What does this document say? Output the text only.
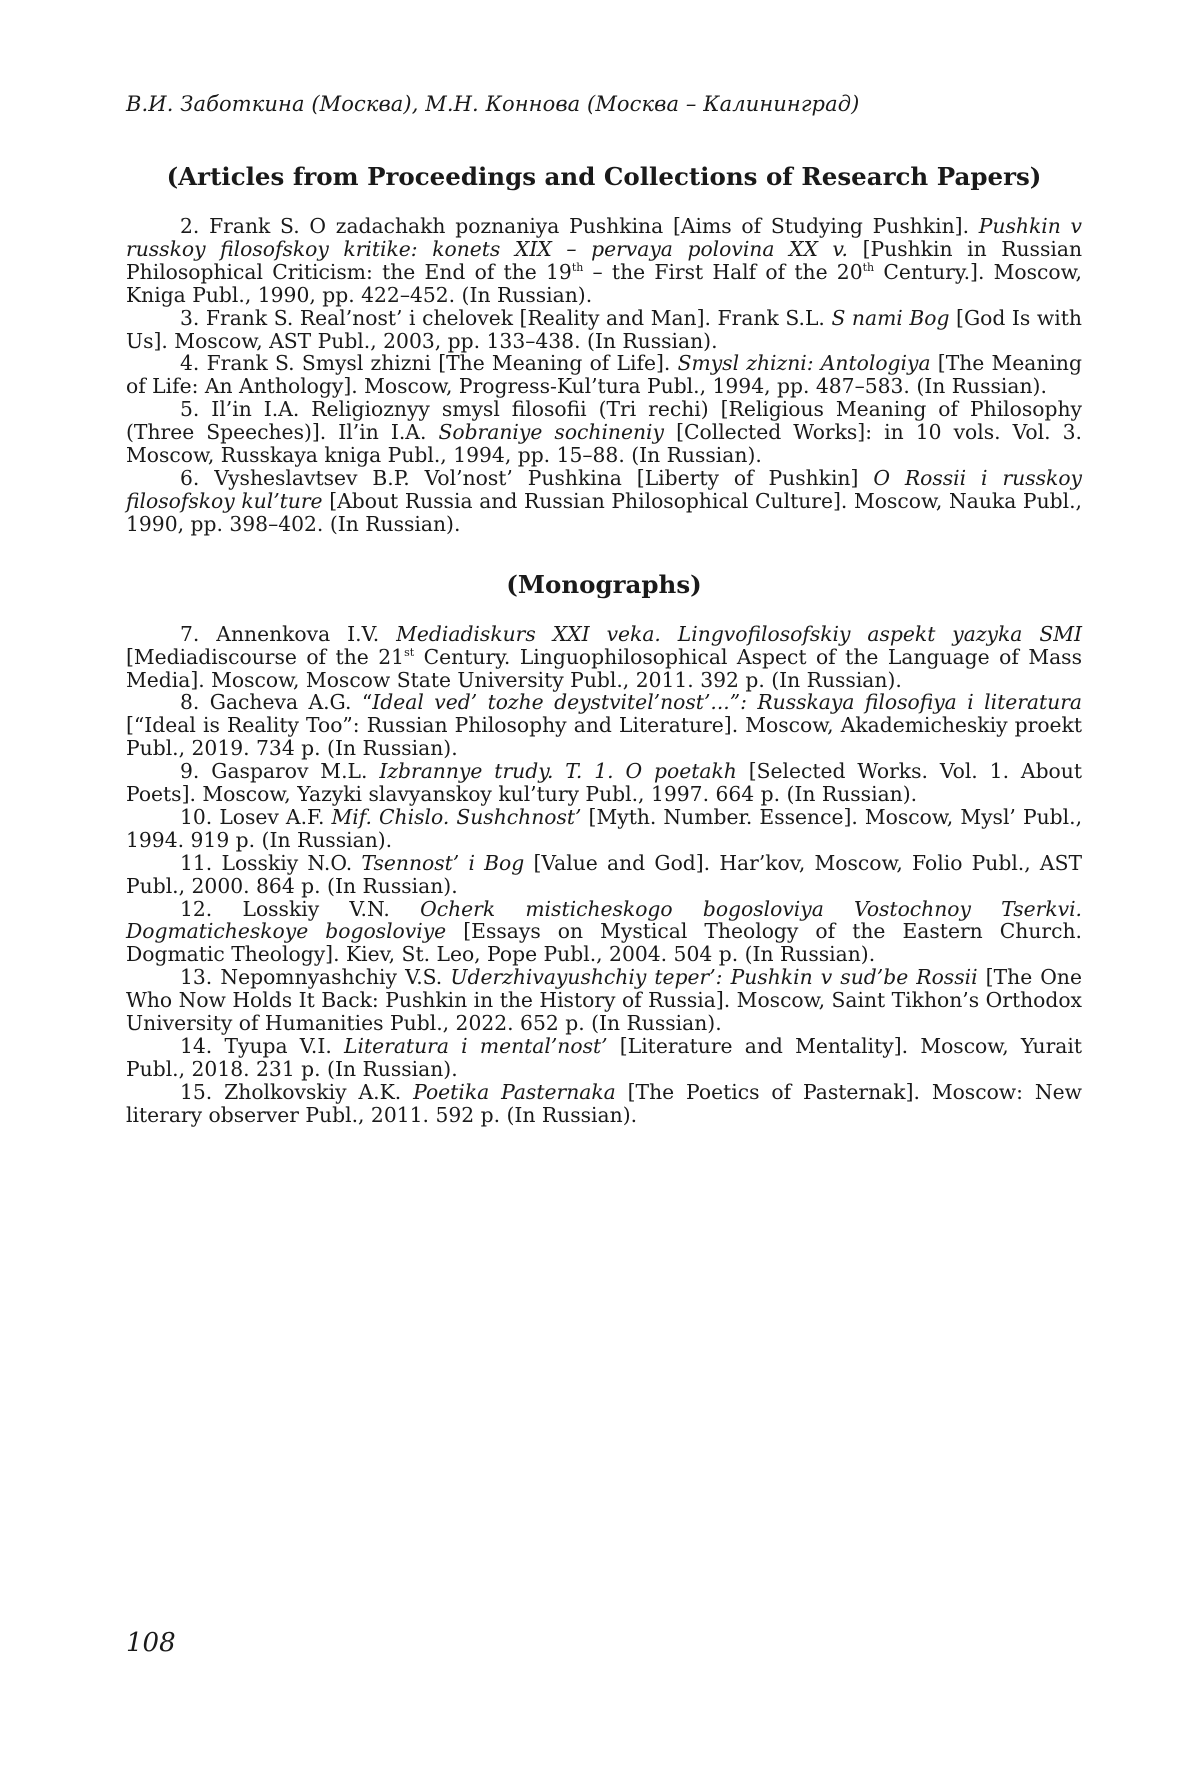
В.И. Заботкина (Москва), М.Н. Коннова (Москва – Калининград)
(Articles from Proceedings and Collections of Research Papers)

2. Frank S. O zadachakh poznaniya Pushkina [Aims of Studying Pushkin]. Pushkin v russkoy filosofskoy kritike: konets XIX – pervaya polovina XX v. [Pushkin in Russian Philosophical Criticism: the End of the 19th – the First Half of the 20th Century.]. Moscow, Kniga Publ., 1990, pp. 422–452. (In Russian).

3. Frank S. Real’nost’ i chelovek [Reality and Man]. Frank S.L. S nami Bog [God Is with Us]. Moscow, AST Publ., 2003, pp. 133–438. (In Russian).

4. Frank S. Smysl zhizni [The Meaning of Life]. Smysl zhizni: Antologiya [The Meaning of Life: An Anthology]. Moscow, Progress-Kul’tura Publ., 1994, pp. 487–583. (In Russian).

5. Il’in I.A. Religioznyy smysl filosofii (Tri rechi) [Religious Meaning of Philosophy (Three Speeches)]. Il’in I.A. Sobraniye sochineniy [Collected Works]: in 10 vols. Vol. 3. Moscow, Russkaya kniga Publ., 1994, pp. 15–88. (In Russian).

6. Vysheslavtsev B.P. Vol’nost’ Pushkina [Liberty of Pushkin] O Rossii i russkoy filosofskoy kul’ture [About Russia and Russian Philosophical Culture]. Moscow, Nauka Publ., 1990, pp. 398–402. (In Russian).

(Monographs)

7. Annenkova I.V. Mediadiskurs XXI veka. Lingvofilosofskiy aspekt yazyka SMI [Mediadiscourse of the 21st Century. Linguophilosophical Aspect of the Language of Mass Media]. Moscow, Moscow State University Publ., 2011. 392 p. (In Russian).

8. Gacheva A.G. “Ideal ved’ tozhe deystvitel’nost’...”: Russkaya filosofiya i literatura [“Ideal is Reality Too”: Russian Philosophy and Literature]. Moscow, Akademicheskiy proekt Publ., 2019. 734 p. (In Russian).

9. Gasparov M.L. Izbrannye trudy. T. 1. O poetakh [Selected Works. Vol. 1. About Poets]. Moscow, Yazyki slavyanskoy kul’tury Publ., 1997. 664 p. (In Russian).

10. Losev A.F. Mif. Chislo. Sushchnost’ [Myth. Number. Essence]. Moscow, Mysl’ Publ., 1994. 919 p. (In Russian).

11. Losskiy N.O. Tsennost’ i Bog [Value and God]. Har’kov, Moscow, Folio Publ., AST Publ., 2000. 864 p. (In Russian).

12. Losskiy V.N. Ocherk misticheskogo bogosloviya Vostochnoy Tserkvi. Dogmaticheskoye bogosloviye [Essays on Mystical Theology of the Eastern Church. Dogmatic Theology]. Kiev, St. Leo, Pope Publ., 2004. 504 p. (In Russian).

13. Nepomnyashchiy V.S. Uderzhivayushchiy teper’: Pushkin v sud’be Rossii [The One Who Now Holds It Back: Pushkin in the History of Russia]. Moscow, Saint Tikhon’s Orthodox University of Humanities Publ., 2022. 652 p. (In Russian).

14. Tyupa V.I. Literatura i mental’nost’ [Literature and Mentality]. Moscow, Yurait Publ., 2018. 231 p. (In Russian).

15. Zholkovskiy A.K. Poetika Pasternaka [The Poetics of Pasternak]. Moscow: New literary observer Publ., 2011. 592 p. (In Russian).

108
